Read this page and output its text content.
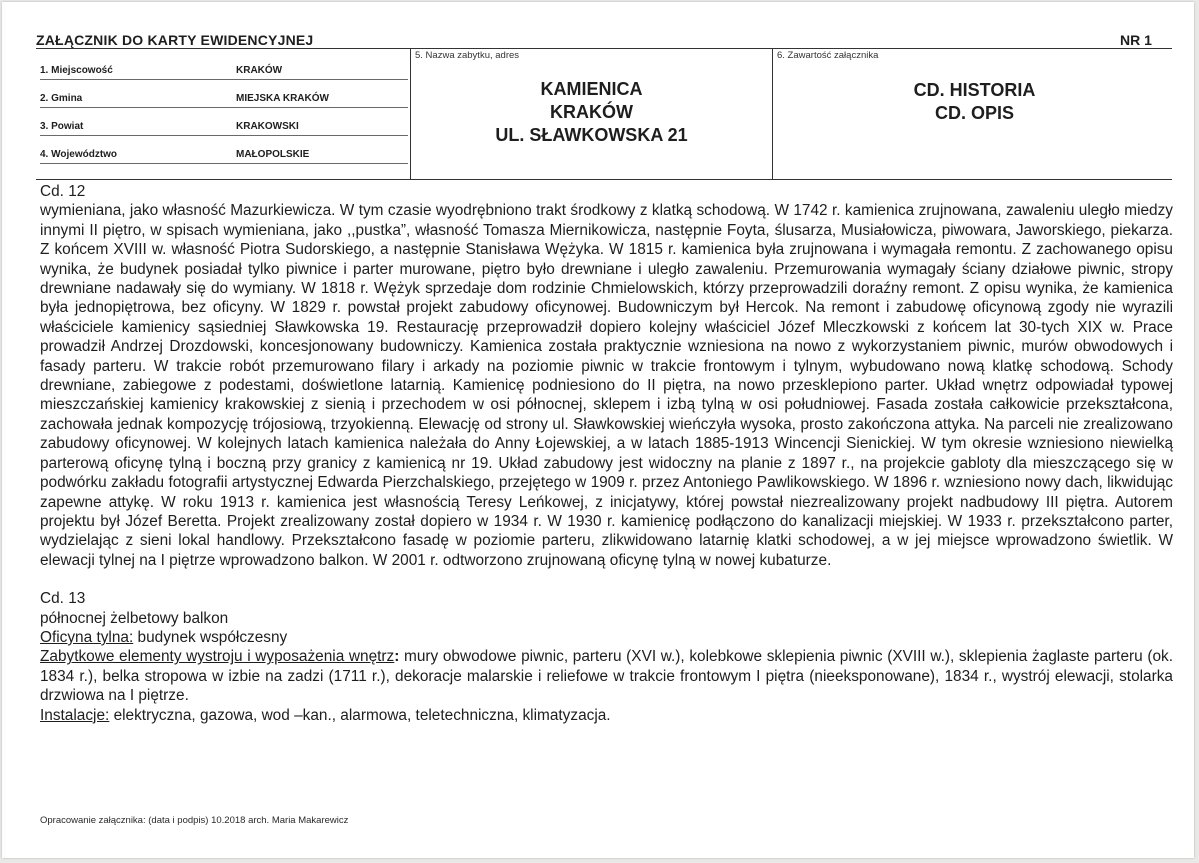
ZAŁĄCZNIK DO KARTY EWIDENCYJNEJ	NR 1
1. Miejscowość	KRAKÓW
2. Gmina	MIEJSKA KRAKÓW
3. Powiat	KRAKOWSKI
4. Województwo	MAŁOPOLSKIE
5. Nazwa zabytku, adres
KAMIENICA
KRAKÓW
UL. SŁAWKOWSKA 21
6. Zawartość załącznika
CD. HISTORIA
CD. OPIS

Cd. 12

wymieniana, jako własność Mazurkiewicza. W tym czasie wyodrębniono trakt środkowy z klatką schodową. W 1742 r. kamienica zrujnowana, zawaleniu uległo miedzy innymi II piętro, w spisach wymieniana, jako ,,pustka”, własność Tomasza Miernikowicza, następnie Foyta, ślusarza, Musiałowicza, piwowara, Jaworskiego, piekarza. Z końcem XVIII w. własność Piotra Sudorskiego, a następnie Stanisława Wężyka. W 1815 r. kamienica była zrujnowana i wymagała remontu. Z zachowanego opisu wynika, że budynek posiadał tylko piwnice i parter murowane, piętro było drewniane i uległo zawaleniu. Przemurowania wymagały ściany działowe piwnic, stropy drewniane nadawały się do wymiany. W 1818 r. Wężyk sprzedaje dom rodzinie Chmielowskich, którzy przeprowadzili doraźny remont. Z opisu wynika, że kamienica była jednopiętrowa, bez oficyny. W 1829 r. powstał projekt zabudowy oficynowej. Budowniczym był Hercok. Na remont i zabudowę oficynową zgody nie wyrazili właściciele kamienicy sąsiedniej Sławkowska 19. Restaurację przeprowadził dopiero kolejny właściciel Józef Mleczkowski z końcem lat 30-tych XIX w. Prace prowadził Andrzej Drozdowski, koncesjonowany budowniczy. Kamienica została praktycznie wzniesiona na nowo z wykorzystaniem piwnic, murów obwodowych i fasady parteru. W trakcie robót przemurowano filary i arkady na poziomie piwnic w trakcie frontowym i tylnym, wybudowano nową klatkę schodową. Schody drewniane, zabiegowe z podestami, doświetlone latarnią. Kamienicę podniesiono do II piętra, na nowo przesklepiono parter. Układ wnętrz odpowiadał typowej mieszczańskiej kamienicy krakowskiej z sienią i przechodem w osi północnej, sklepem i izbą tylną w osi południowej. Fasada została całkowicie przekształcona, zachowała jednak kompozycję trójosiową, trzyokienną. Elewację od strony ul. Sławkowskiej wieńczyła wysoka, prosto zakończona attyka. Na parceli nie zrealizowano zabudowy oficynowej. W kolejnych latach kamienica należała do Anny Łojewskiej, a w latach 1885-1913 Wincencji Sienickiej. W tym okresie wzniesiono niewielką parterową oficynę tylną i boczną przy granicy z kamienicą nr 19. Układ zabudowy jest widoczny na planie z 1897 r., na projekcie gabloty dla mieszczącego się w podwórku zakładu fotografii artystycznej Edwarda Pierzchalskiego, przejętego w 1909 r. przez Antoniego Pawlikowskiego. W 1896 r. wzniesiono nowy dach, likwidując zapewne attykę. W roku 1913 r. kamienica jest własnością Teresy Leńkowej, z inicjatywy, której powstał niezrealizowany projekt nadbudowy III piętra. Autorem projektu był Józef Beretta. Projekt zrealizowany został dopiero w 1934 r. W 1930 r. kamienicę podłączono do kanalizacji miejskiej. W 1933 r. przekształcono parter, wydzielając z sieni lokal handlowy. Przekształcono fasadę w poziomie parteru, zlikwidowano latarnię klatki schodowej, a w jej miejsce wprowadzono świetlik. W elewacji tylnej na I piętrze wprowadzono balkon. W 2001 r. odtworzono zrujnowaną oficynę tylną w nowej kubaturze.

Cd. 13

północnej żelbetowy balkon

Oficyna tylna: budynek współczesny

Zabytkowe elementy wystroju i wyposażenia wnętrz: mury obwodowe piwnic, parteru (XVI w.), kolebkowe sklepienia piwnic (XVIII w.), sklepienia żaglaste parteru (ok. 1834 r.), belka stropowa w izbie na zadzi (1711 r.), dekoracje malarskie i reliefowe w trakcie frontowym I piętra (nieeksponowane), 1834 r., wystrój elewacji, stolarka drzwiowa na I piętrze.

Instalacje: elektryczna, gazowa, wod –kan., alarmowa, teletechniczna, klimatyzacja.

Opracowanie załącznika: (data i podpis) 10.2018 arch. Maria Makarewicz
